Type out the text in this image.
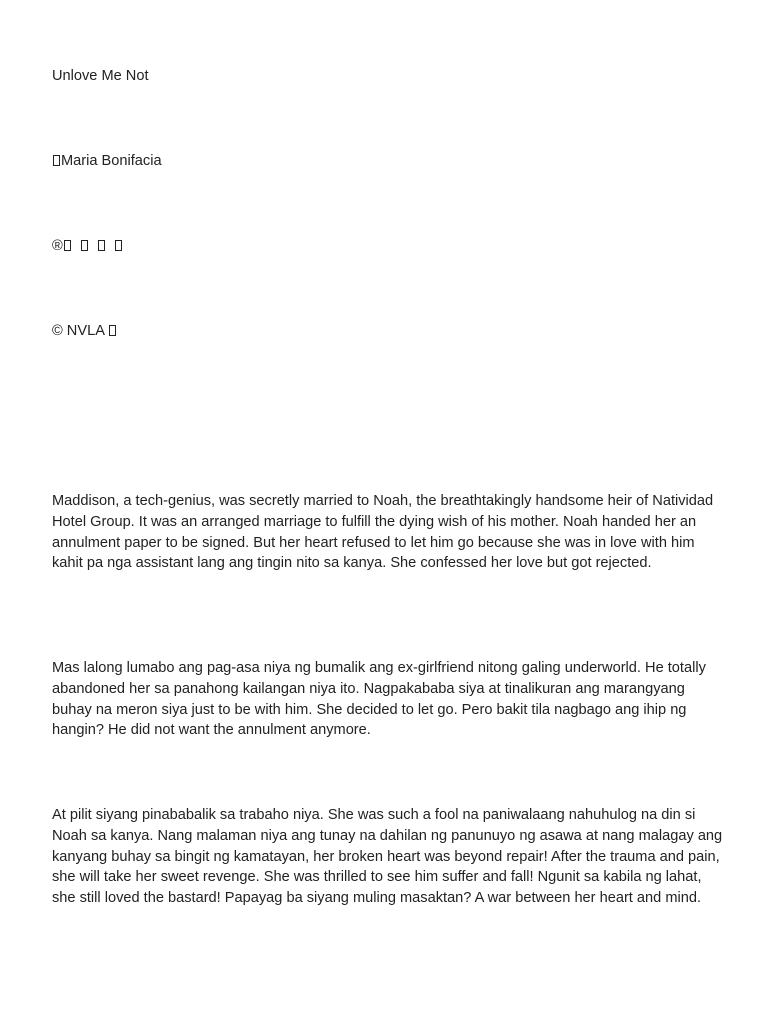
Unlove Me Not
Maria Bonifacia
®
© NVLA

Maddison, a tech-genius, was secretly married to Noah, the breathtakingly handsome heir of Natividad Hotel Group. It was an arranged marriage to fulfill the dying wish of his mother. Noah handed her an annulment paper to be signed. But her heart refused to let him go because she was in love with him kahit pa nga assistant lang ang tingin nito sa kanya. She confessed her love but got rejected.

Mas lalong lumabo ang pag-asa niya ng bumalik ang ex-girlfriend nitong galing underworld. He totally abandoned her sa panahong kailangan niya ito. Nagpakababa siya at tinalikuran ang marangyang buhay na meron siya just to be with him. She decided to let go. Pero bakit tila nagbago ang ihip ng hangin? He did not want the annulment anymore.

At pilit siyang pinababalik sa trabaho niya. She was such a fool na paniwalaang nahuhulog na din si Noah sa kanya. Nang malaman niya ang tunay na dahilan ng panunuyo ng asawa at nang malagay ang kanyang buhay sa bingit ng kamatayan, her broken heart was beyond repair! After the trauma and pain, she will take her sweet revenge. She was thrilled to see him suffer and fall! Ngunit sa kabila ng lahat, she still loved the bastard! Papayag ba siyang muling masaktan? A war between her heart and mind.
